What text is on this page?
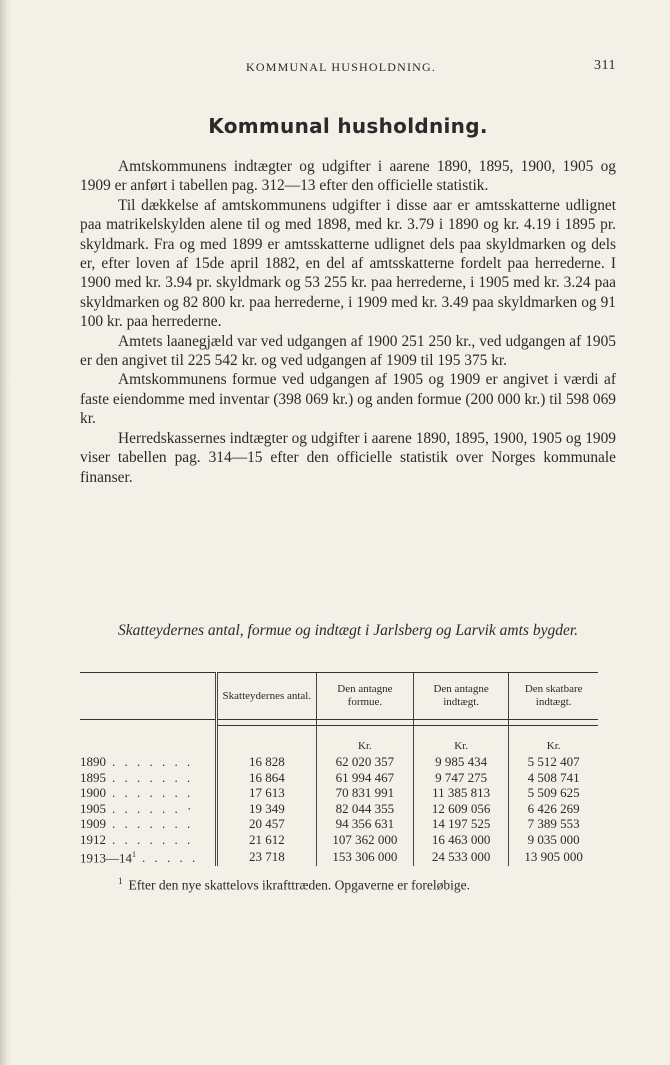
KOMMUNAL HUSHOLDNING.	311
Kommunal husholdning.

Amtskommunens indtægter og udgifter i aarene 1890, 1895, 1900, 1905 og 1909 er anført i tabellen pag. 312—13 efter den officielle statistik.

Til dækkelse af amtskommunens udgifter i disse aar er amtsskatterne udlignet paa matrikelskylden alene til og med 1898, med kr. 3.79 i 1890 og kr. 4.19 i 1895 pr. skyldmark. Fra og med 1899 er amtsskatterne udlignet dels paa skyldmarken og dels er, efter loven af 15de april 1882, en del af amtsskatterne fordelt paa herrederne. I 1900 med kr. 3.94 pr. skyldmark og 53 255 kr. paa herrederne, i 1905 med kr. 3.24 paa skyldmarken og 82 800 kr. paa herrederne, i 1909 med kr. 3.49 paa skyldmarken og 91 100 kr. paa herrederne.

Amtets laanegjæld var ved udgangen af 1900 251 250 kr., ved udgangen af 1905 er den angivet til 225 542 kr. og ved udgangen af 1909 til 195 375 kr.

Amtskommunens formue ved udgangen af 1905 og 1909 er angivet i værdi af faste eiendomme med inventar (398 069 kr.) og anden formue (200 000 kr.) til 598 069 kr.

Herredskassernes indtægter og udgifter i aarene 1890, 1895, 1900, 1905 og 1909 viser tabellen pag. 314—15 efter den officielle statistik over Norges kommunale finanser.

Skatteydernes antal, formue og indtægt i Jarlsberg og Larvik amts bygder.
	Skatteydernes antal.	Den antagne formue.	Den antagne indtægt.	Den skatbare indtægt.

		Kr.	Kr.	Kr.
1890 . . . . . . .	16 828	62 020 357	9 985 434	5 512 407
1895 . . . . . . .	16 864	61 994 467	9 747 275	4 508 741
1900 . . . . . . .	17 613	70 831 991	11 385 813	5 509 625
1905 . . . . . . ·	19 349	82 044 355	12 609 056	6 426 269
1909 . . . . . . .	20 457	94 356 631	14 197 525	7 389 553
1912 . . . . . . .	21 612	107 362 000	16 463 000	9 035 000
$1913—14^1$ . . . . .	23 718	153 306 000	24 533 000	13 905 000
$^1$ Efter den nye skattelovs ikrafttræden. Opgaverne er foreløbige.
